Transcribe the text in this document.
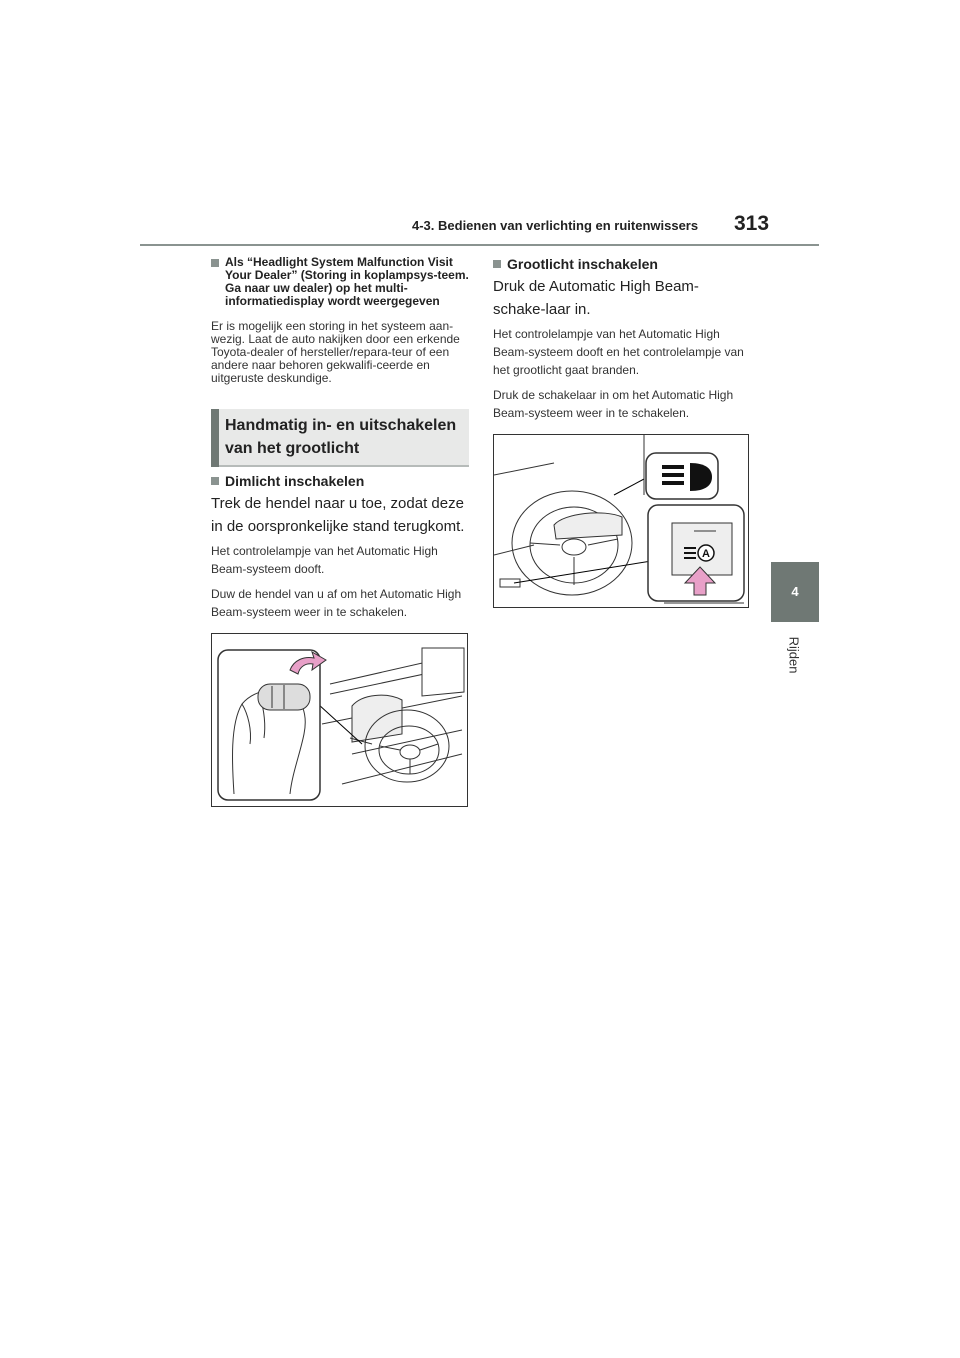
4-3. Bedienen van verlichting en ruitenwissers 313
4
Rijden
Als “Headlight System Malfunction Visit Your Dealer” (Storing in koplampsys-teem. Ga naar uw dealer) op het multi-informatiedisplay wordt weergegeven
Er is mogelijk een storing in het systeem aan-wezig. Laat de auto nakijken door een erkende Toyota-dealer of hersteller/repara-teur of een andere naar behoren gekwalifi-ceerde en uitgeruste deskundige.
Handmatig in- en uitschakelen van het grootlicht
Dimlicht inschakelen
Trek de hendel naar u toe, zodat deze in de oorspronkelijke stand terugkomt.
Het controlelampje van het Automatic High Beam-systeem dooft.
Duw de hendel van u af om het Automatic High Beam-systeem weer in te schakelen.
Grootlicht inschakelen
Druk de Automatic High Beam-schake-laar in.
Het controlelampje van het Automatic High Beam-systeem dooft en het controlelampje van het grootlicht gaat branden.
Druk de schakelaar in om het Automatic High Beam-systeem weer in te schakelen.
A
